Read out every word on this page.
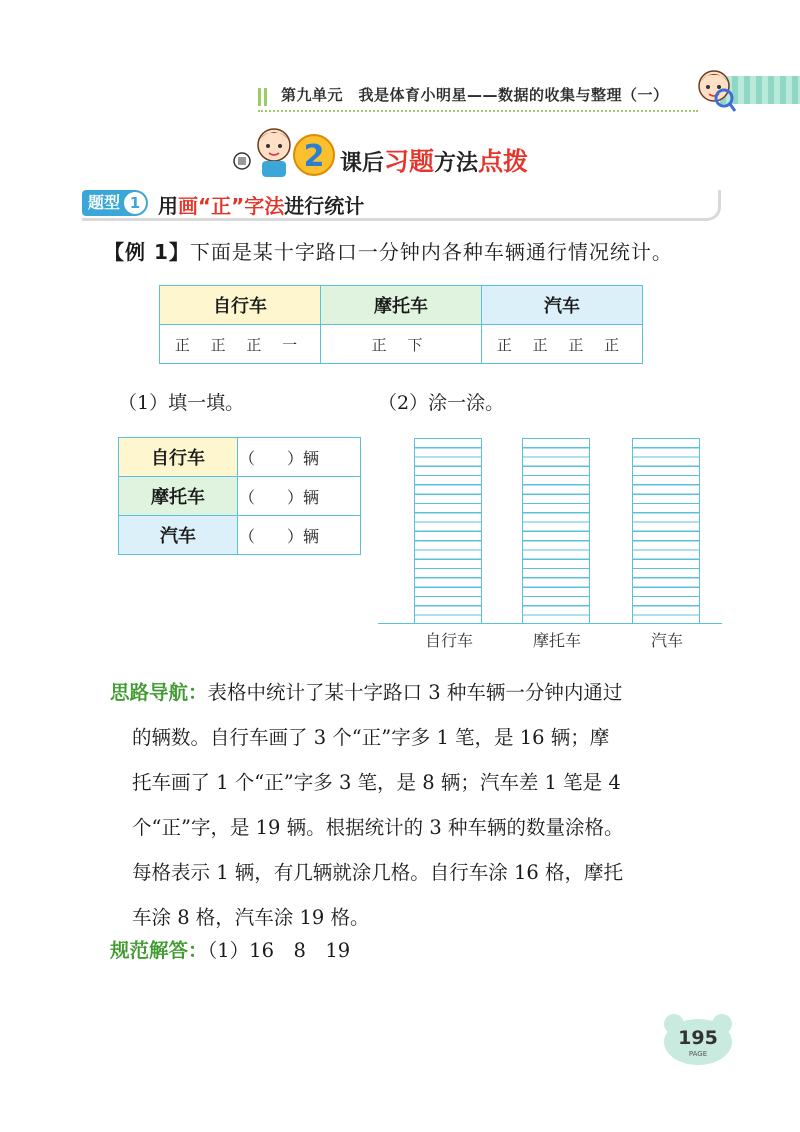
第九单元　我是体育小明星——数据的收集与整理（一）
2 课后习题方法点拨
题型 1 用画“正”字法进行统计
【例 1】下面是某十字路口一分钟内各种车辆通行情况统计。
自行车	摩托车	汽车
正 正 正 一	正 下	正 正 正 正
（1）填一填。	（2）涂一涂。
自行车	（　　）辆
摩托车	（　　）辆
汽车	（　　）辆
自行车	摩托车	汽车

思路导航：表格中统计了某十字路口 3 种车辆一分钟内通过

的辆数。自行车画了 3 个“正”字多 1 笔，是 16 辆；摩

托车画了 1 个“正”字多 3 笔，是 8 辆；汽车差 1 笔是 4

个“正”字，是 19 辆。根据统计的 3 种车辆的数量涂格。

每格表示 1 辆，有几辆就涂几格。自行车涂 16 格，摩托

车涂 8 格，汽车涂 19 格。

规范解答：（1）16　8　19
195
PAGE
